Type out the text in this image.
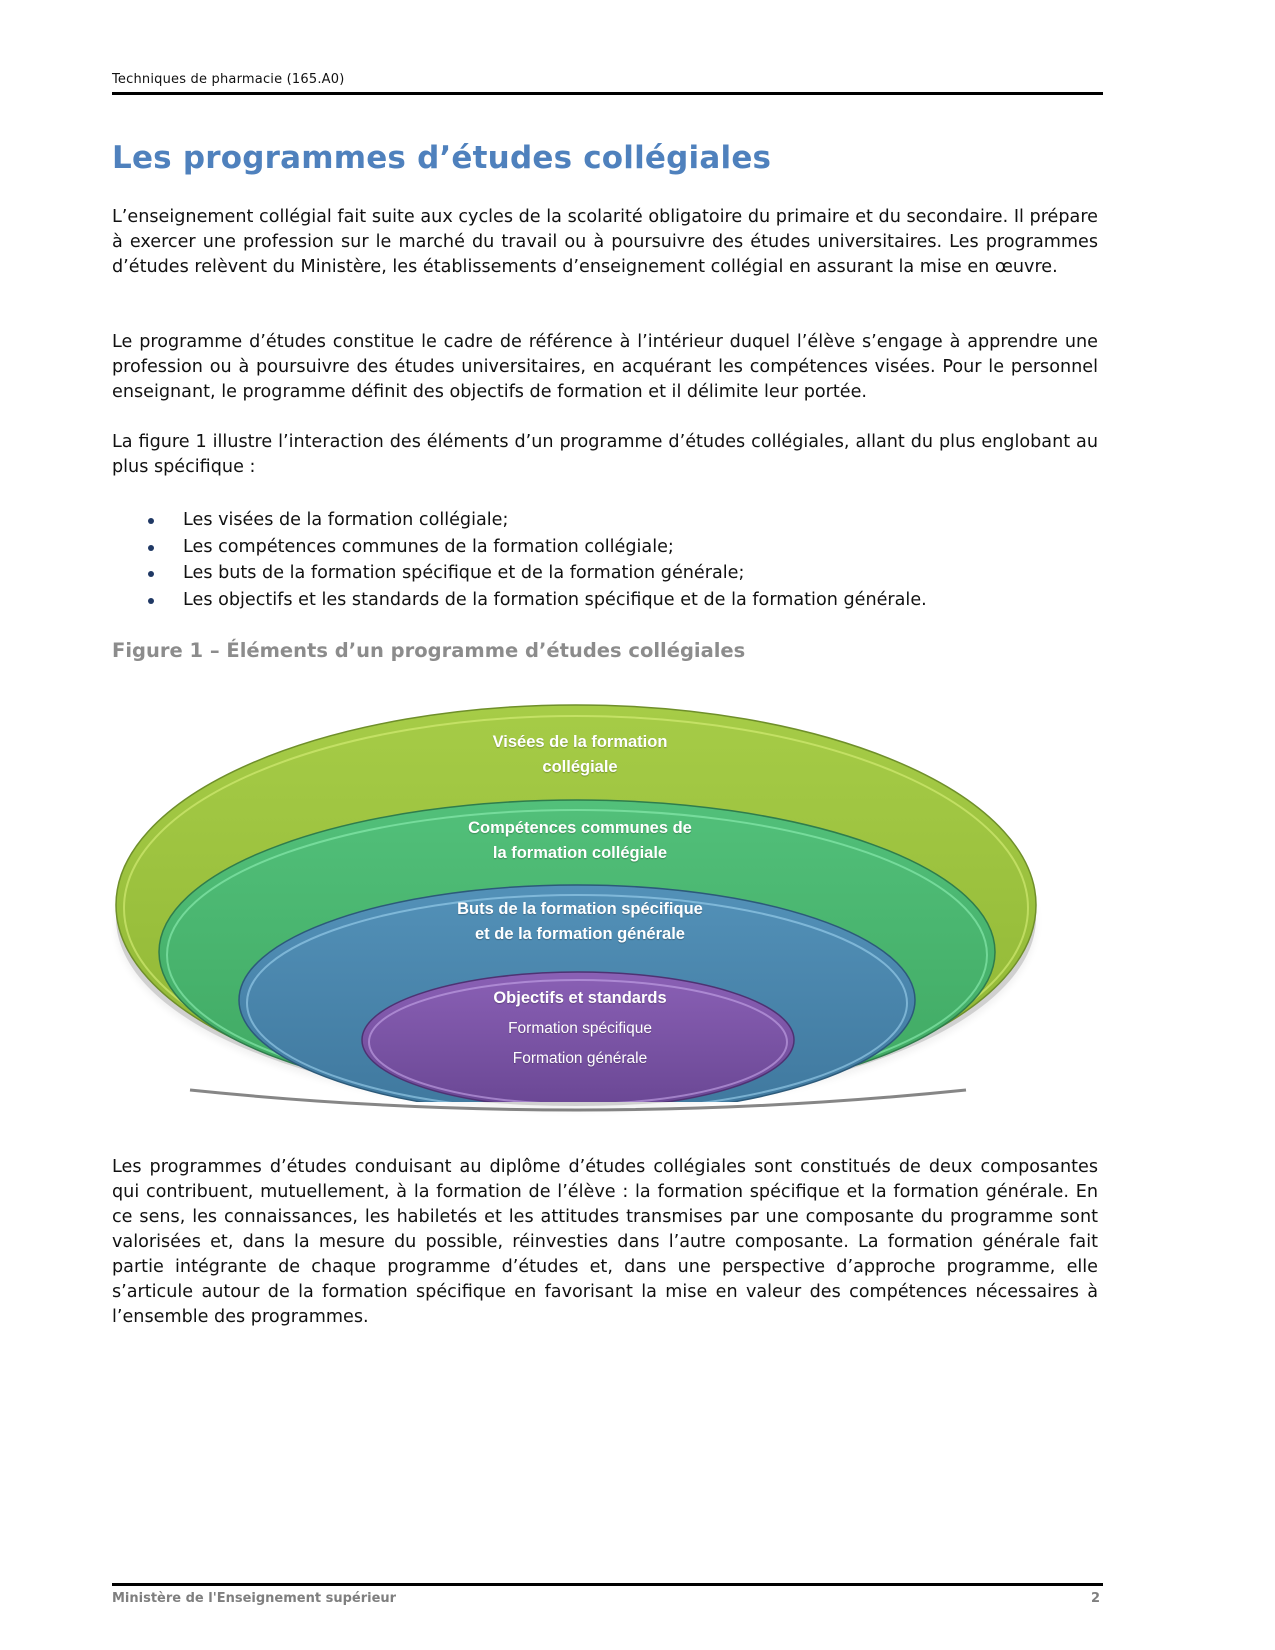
Techniques de pharmacie (165.A0)
Les programmes d’études collégiales

L’enseignement collégial fait suite aux cycles de la scolarité obligatoire du primaire et du secondaire. Il prépare à exercer une profession sur le marché du travail ou à poursuivre des études universitaires. Les programmes d’études relèvent du Ministère, les établissements d’enseignement collégial en assurant la mise en œuvre.

Le programme d’études constitue le cadre de référence à l’intérieur duquel l’élève s’engage à apprendre une profession ou à poursuivre des études universitaires, en acquérant les compétences visées. Pour le personnel enseignant, le programme définit des objectifs de formation et il délimite leur portée.

La figure 1 illustre l’interaction des éléments d’un programme d’études collégiales, allant du plus englobant au plus spécifique :

Les visées de la formation collégiale;
Les compétences communes de la formation collégiale;
Les buts de la formation spécifique et de la formation générale;
Les objectifs et les standards de la formation spécifique et de la formation générale.
Figure 1 – Éléments d’un programme d’études collégiales
Visées de la formation
collégiale
Compétences communes de
la formation collégiale
Buts de la formation spécifique
et de la formation générale
Objectifs et standards
Formation spécifique
Formation générale

Les programmes d’études conduisant au diplôme d’études collégiales sont constitués de deux composantes qui contribuent, mutuellement, à la formation de l’élève : la formation spécifique et la formation générale. En ce sens, les connaissances, les habiletés et les attitudes transmises par une composante du programme sont valorisées et, dans la mesure du possible, réinvesties dans l’autre composante. La formation générale fait partie intégrante de chaque programme d’études et, dans une perspective d’approche programme, elle s’articule autour de la formation spécifique en favorisant la mise en valeur des compétences nécessaires à l’ensemble des programmes.

Ministère de l'Enseignement supérieur	2
